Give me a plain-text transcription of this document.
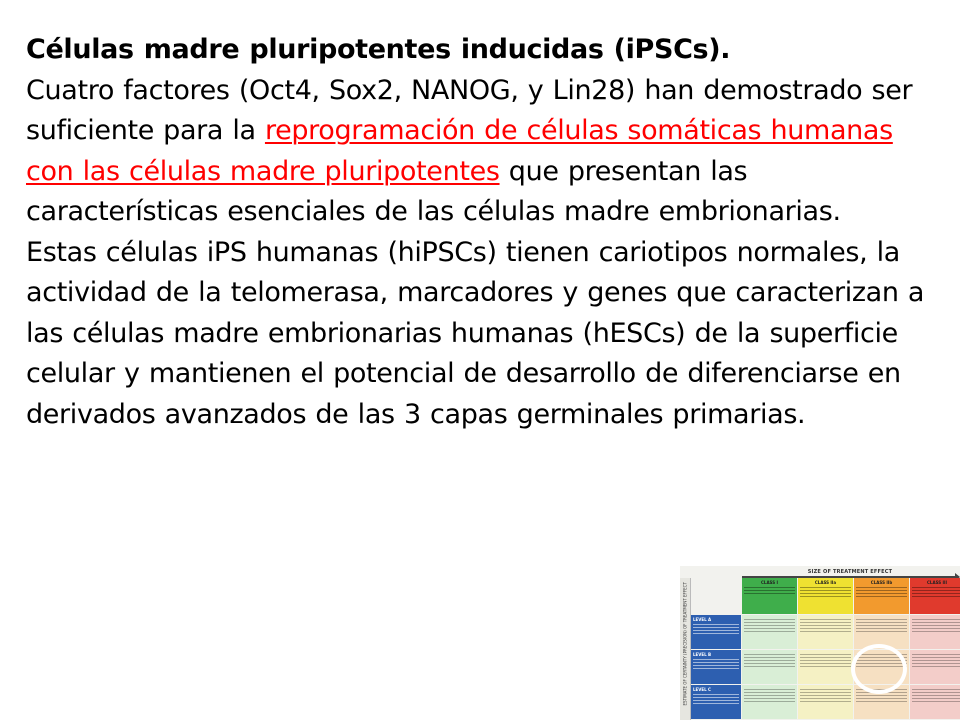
Células madre pluripotentes inducidas (iPSCs).

Cuatro factores (Oct4, Sox2, NANOG, y Lin28) han demostrado ser suficiente para la reprogramación de células somáticas humanas con las células madre pluripotentes que presentan las características esenciales de las células madre embrionarias.

Estas células iPS humanas (hiPSCs) tienen cariotipos normales, la actividad de la telomerasa, marcadores y genes que caracterizan a las células madre embrionarias humanas (hESCs) de la superficie celular y mantienen el potencial de desarrollo de diferenciarse en derivados avanzados de las 3 capas germinales primarias.

SIZE OF TREATMENT EFFECT
ESTIMATE OF CERTAINTY (PRECISION) OF TREATMENT EFFECT	CLASS I	CLASS IIa	CLASS IIb	CLASS III
LEVEL A
LEVEL B
LEVEL C
